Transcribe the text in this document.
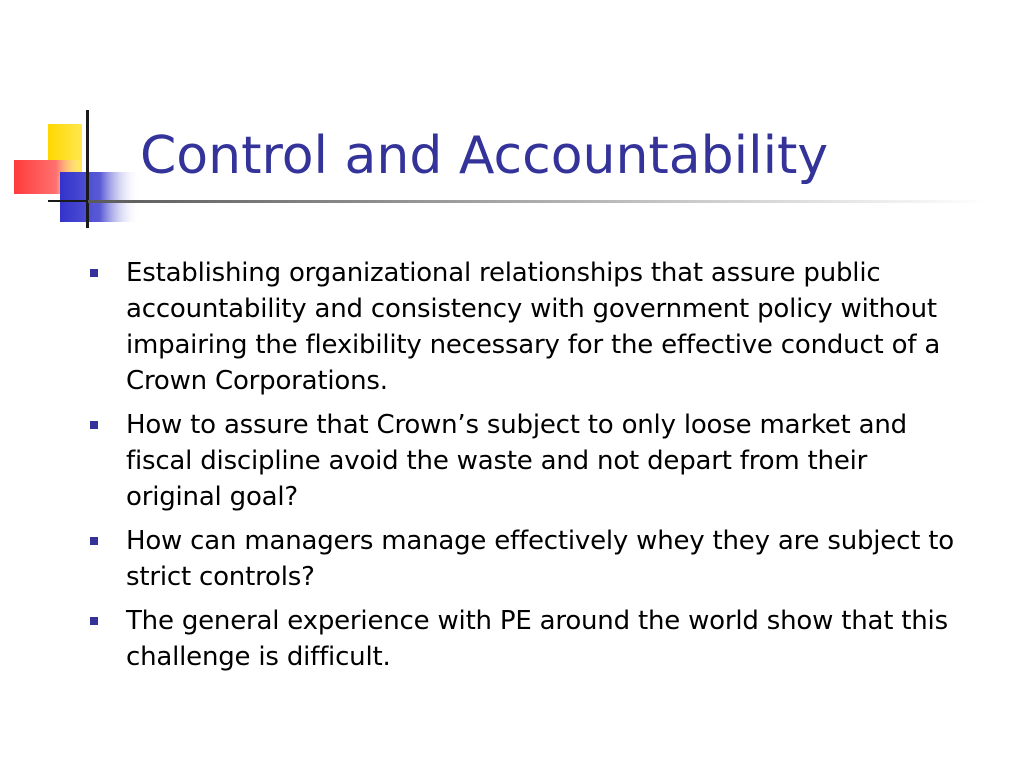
Control and Accountability
Establishing organizational relationships that assure public accountability and consistency with government policy without impairing the flexibility necessary for the effective conduct of a Crown Corporations.
How to assure that Crown’s subject to only loose market and fiscal discipline avoid the waste and not depart from their original goal?
How can managers manage effectively whey they are subject to strict controls?
The general experience with PE around the world show that this challenge is difficult.
